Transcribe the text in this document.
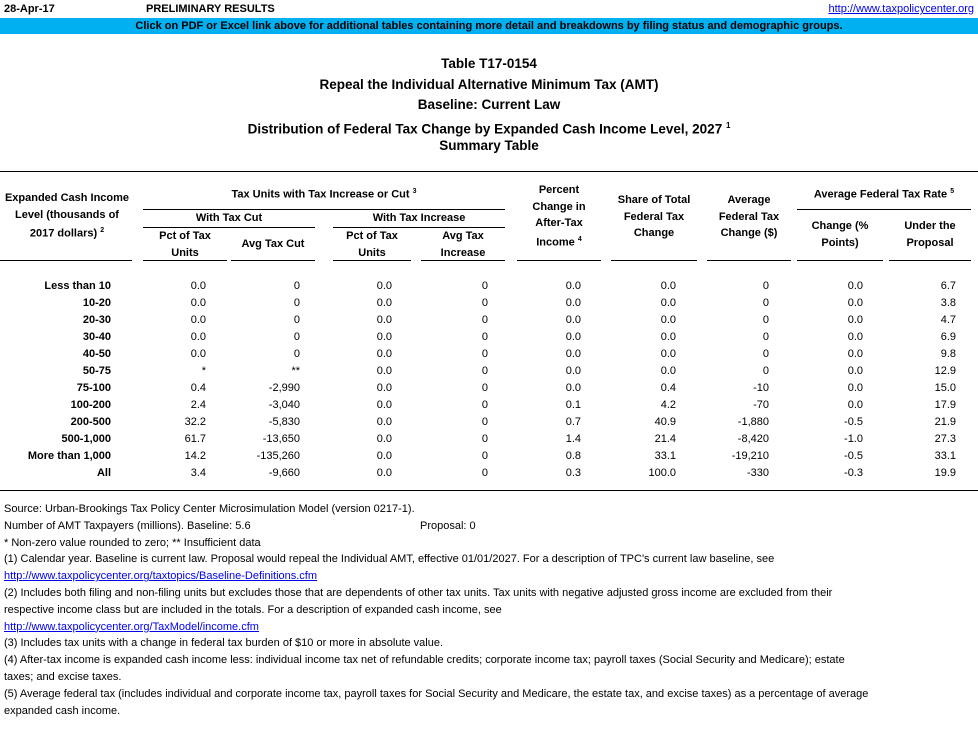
28-Apr-17	PRELIMINARY RESULTS	http://www.taxpolicycenter.org
Click on PDF or Excel link above for additional tables containing more detail and breakdowns by filing status and demographic groups.
Table T17-0154
Repeal the Individual Alternative Minimum Tax (AMT)
Baseline: Current Law
Distribution of Federal Tax Change by Expanded Cash Income Level, 2027 $^1$
Summary Table
Expanded Cash Income
Level (thousands of
2017 dollars) $^2$
Tax Units with Tax Increase or Cut $^3$
With Tax Cut	With Tax Increase
Pct of Tax
Units
Avg Tax Cut
Pct of Tax
Units
Avg Tax
Increase
Percent
Change in
After-Tax
Income $^4$
Share of Total
Federal Tax
Change
Average
Federal Tax
Change ($)
Average Federal Tax Rate $^5$
Change (%
Points)
Under the
Proposal
Less than 10	0.0	0	0.0	0	0.0	0.0	0	0.0	6.7
10-20	0.0	0	0.0	0	0.0	0.0	0	0.0	3.8
20-30	0.0	0	0.0	0	0.0	0.0	0	0.0	4.7
30-40	0.0	0	0.0	0	0.0	0.0	0	0.0	6.9
40-50	0.0	0	0.0	0	0.0	0.0	0	0.0	9.8
50-75	*	**	0.0	0	0.0	0.0	0	0.0	12.9
75-100	0.4	-2,990	0.0	0	0.0	0.4	-10	0.0	15.0
100-200	2.4	-3,040	0.0	0	0.1	4.2	-70	0.0	17.9
200-500	32.2	-5,830	0.0	0	0.7	40.9	-1,880	-0.5	21.9
500-1,000	61.7	-13,650	0.0	0	1.4	21.4	-8,420	-1.0	27.3
More than 1,000	14.2	-135,260	0.0	0	0.8	33.1	-19,210	-0.5	33.1
All	3.4	-9,660	0.0	0	0.3	100.0	-330	-0.3	19.9
Source: Urban-Brookings Tax Policy Center Microsimulation Model (version 0217-1).
Number of AMT Taxpayers (millions). Baseline: 5.6	Proposal: 0
* Non-zero value rounded to zero; ** Insufficient data
(1) Calendar year. Baseline is current law. Proposal would repeal the Individual AMT, effective 01/01/2027. For a description of TPC's current law baseline, see
http://www.taxpolicycenter.org/taxtopics/Baseline-Definitions.cfm
(2) Includes both filing and non-filing units but excludes those that are dependents of other tax units. Tax units with negative adjusted gross income are excluded from their
respective income class but are included in the totals. For a description of expanded cash income, see
http://www.taxpolicycenter.org/TaxModel/income.cfm
(3) Includes tax units with a change in federal tax burden of $10 or more in absolute value.
(4) After-tax income is expanded cash income less: individual income tax net of refundable credits; corporate income tax; payroll taxes (Social Security and Medicare); estate
taxes; and excise taxes.
(5) Average federal tax (includes individual and corporate income tax, payroll taxes for Social Security and Medicare, the estate tax, and excise taxes) as a percentage of average
expanded cash income.
